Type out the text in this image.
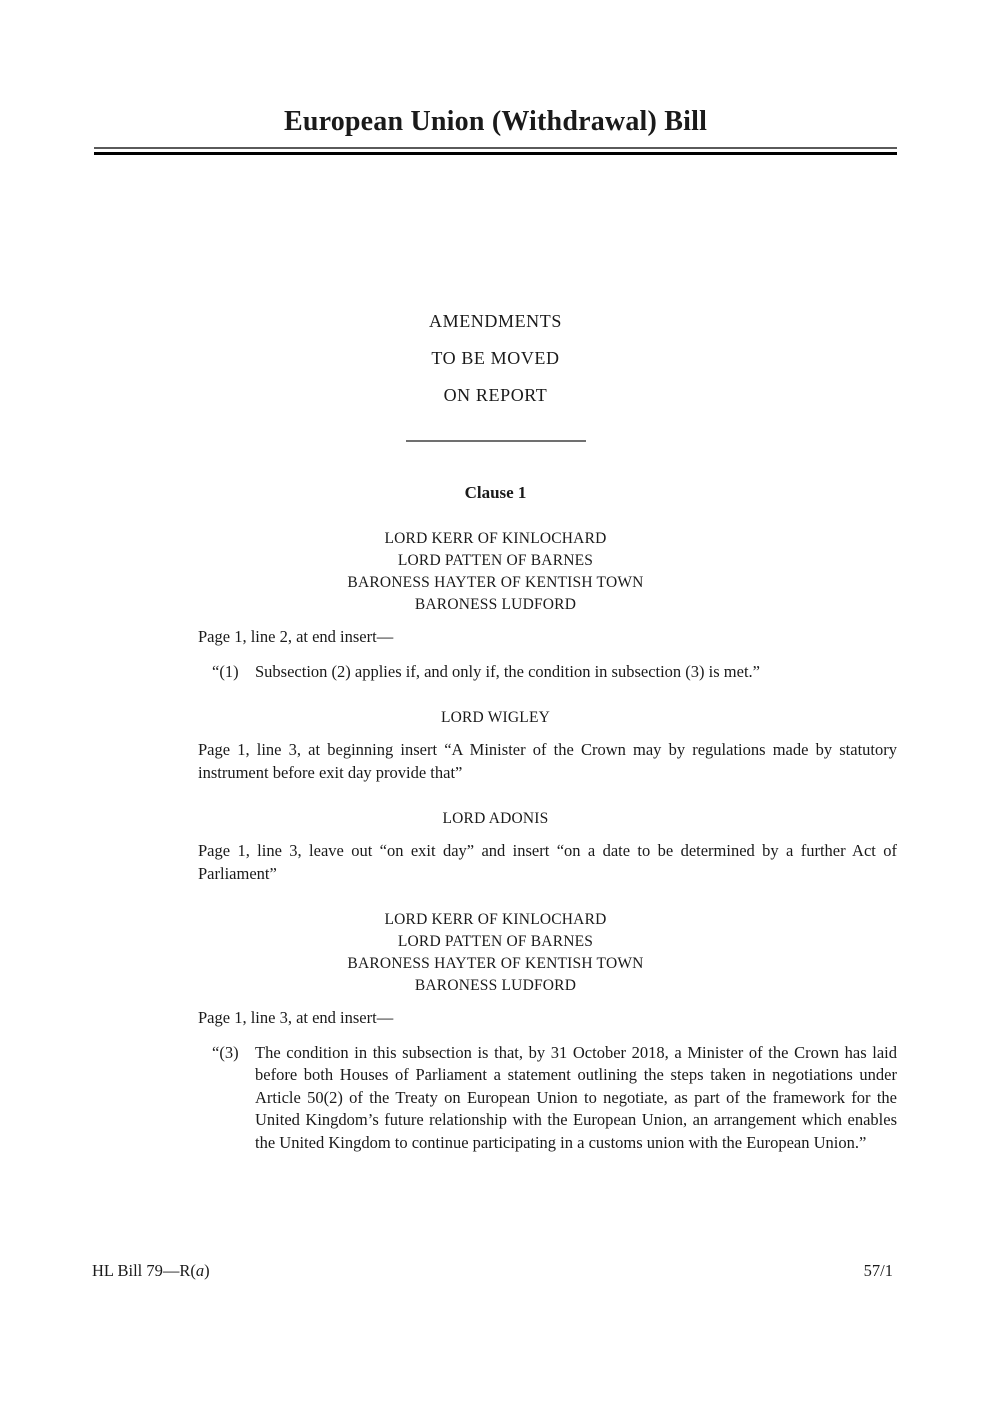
European Union (Withdrawal) Bill
AMENDMENTS
TO BE MOVED
ON REPORT
Clause 1
LORD KERR OF KINLOCHARD
LORD PATTEN OF BARNES
BARONESS HAYTER OF KENTISH TOWN
BARONESS LUDFORD

Page 1, line 2, at end insert—

“(1) Subsection (2) applies if, and only if, the condition in subsection (3) is met.”
LORD WIGLEY

Page 1, line 3, at beginning insert “A Minister of the Crown may by regulations made by statutory instrument before exit day provide that”

LORD ADONIS

Page 1, line 3, leave out “on exit day” and insert “on a date to be determined by a further Act of Parliament”

LORD KERR OF KINLOCHARD
LORD PATTEN OF BARNES
BARONESS HAYTER OF KENTISH TOWN
BARONESS LUDFORD

Page 1, line 3, at end insert—

“(3) The condition in this subsection is that, by 31 October 2018, a Minister of the Crown has laid before both Houses of Parliament a statement outlining the steps taken in negotiations under Article 50(2) of the Treaty on European Union to negotiate, as part of the framework for the United Kingdom’s future relationship with the European Union, an arrangement which enables the United Kingdom to continue participating in a customs union with the European Union.”
HL Bill 79—R(a)	57/1
